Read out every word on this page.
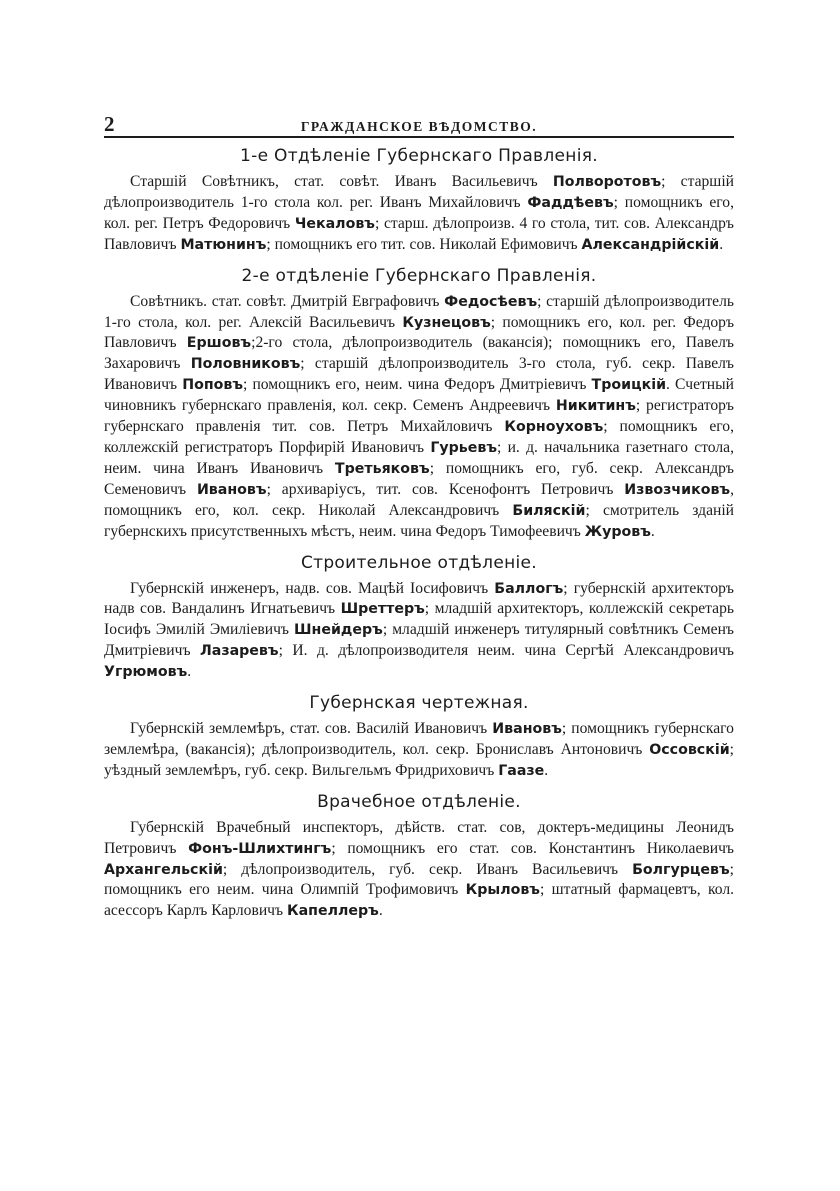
2	ГРАЖДАНСКОЕ ВѢДОМСТВО.
1-е Отдѣленіе Губернскаго Правленія.

Старшій Совѣтникъ, стат. совѣт. Иванъ Васильевичъ Полворотовъ; старшій дѣлопроизводитель 1-го стола кол. рег. Иванъ Михайловичъ Фаддѣевъ; помощникъ его, кол. рег. Петръ Федоровичъ Чекаловъ; старш. дѣлопроизв. 4 го стола, тит. сов. Александръ Павловичъ Матюнинъ; помощникъ его тит. сов. Николай Ефимовичъ Александрійскій.

2-е отдѣленіе Губернскаго Правленія.

Совѣтникъ. стат. совѣт. Дмитрій Евграфовичъ Федосѣевъ; старшій дѣлопроизводитель 1-го стола, кол. рег. Алексій Васильевичъ Кузнецовъ; помощникъ его, кол. рег. Федоръ Павловичъ Ершовъ;2-го стола, дѣлопроизводитель (вакансія); помощникъ его, Павелъ Захаровичъ Половниковъ; старшій дѣлопроизводитель 3-го стола, губ. секр. Павелъ Ивановичъ Поповъ; помощникъ его, неим. чина Федоръ Дмитріевичъ Троицкій. Счетный чиновникъ губернскаго правленія, кол. секр. Семенъ Андреевичъ Никитинъ; регистраторъ губернскаго правленія тит. сов. Петръ Михайловичъ Корноуховъ; помощникъ его, коллежскій регистраторъ Порфирій Ивановичъ Гурьевъ; и. д. начальника газетнаго стола, неим. чина Иванъ Ивановичъ Третьяковъ; помощникъ его, губ. секр. Александръ Семеновичъ Ивановъ; архиваріусъ, тит. сов. Ксенофонтъ Петровичъ Извозчиковъ, помощникъ его, кол. секр. Николай Александровичъ Биляскій; смотритель зданій губернскихъ присутственныхъ мѣстъ, неим. чина Федоръ Тимофеевичъ Журовъ.

Строительное отдѣленіе.

Губернскій инженеръ, надв. сов. Мацѣй Іосифовичъ Баллогъ; губернскій архитекторъ надв сов. Вандалинъ Игнатьевичъ Шреттеръ; младшій архитекторъ, коллежскій секретарь Іосифъ Эмилій Эмиліевичъ Шнейдеръ; младшій инженеръ титулярный совѣтникъ Семенъ Дмитріевичъ Лазаревъ; И. д. дѣлопроизводителя неим. чина Сергѣй Александровичъ Угрюмовъ.

Губернская чертежная.

Губернскій землемѣръ, стат. сов. Василій Ивановичъ Ивановъ; помощникъ губернскаго землемѣра, (вакансія); дѣлопроизводитель, кол. секр. Брониславъ Антоновичъ Оссовскій; уѣздный землемѣръ, губ. секр. Вильгельмъ Фридриховичъ Гаазе.

Врачебное отдѣленіе.

Губернскій Врачебный инспекторъ, дѣйств. стат. сов, доктеръ-медицины Леонидъ Петровичъ Фонъ-Шлихтингъ; помощникъ его стат. сов. Константинъ Николаевичъ Архангельскій; дѣлопроизводитель, губ. секр. Иванъ Васильевичъ Болгурцевъ; помощникъ его неим. чина Олимпій Трофимовичъ Крыловъ; штатный фармацевтъ, кол. асессоръ Карлъ Карловичъ Капеллеръ.
